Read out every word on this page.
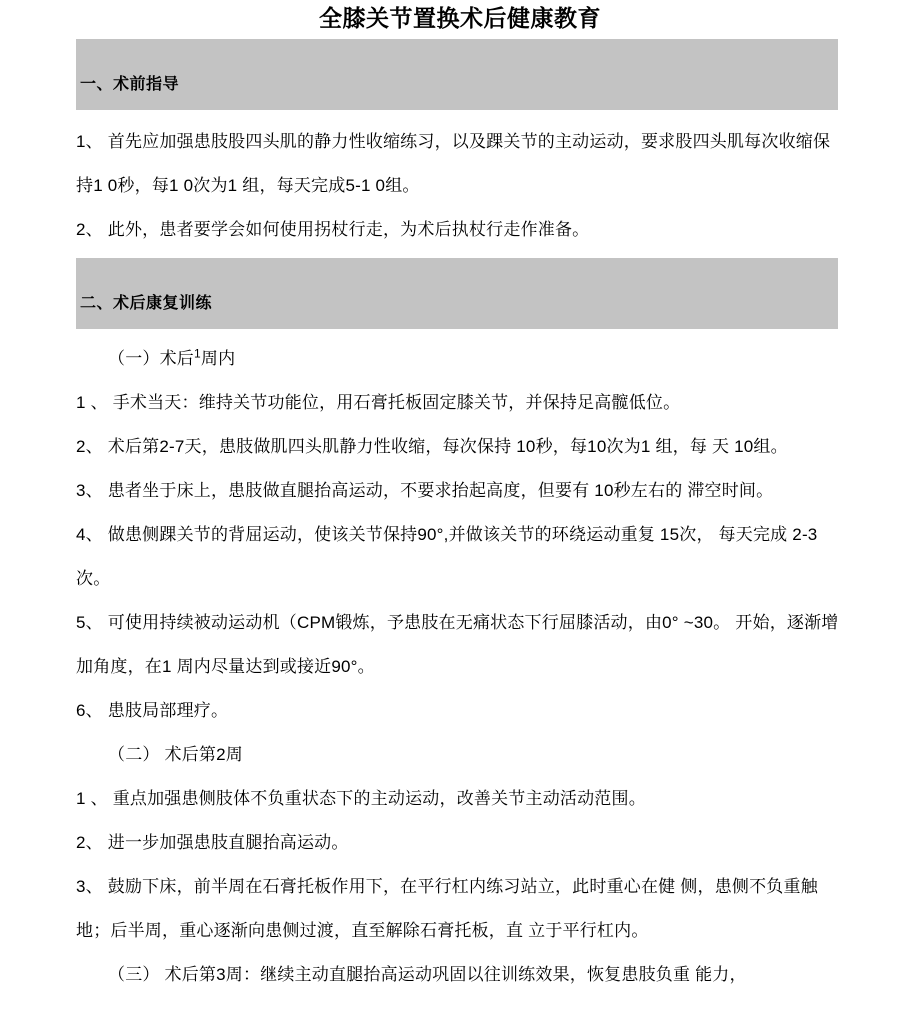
全膝关节置换术后健康教育
一、术前指导

1、 首先应加强患肢股四头肌的静力性收缩练习，以及踝关节的主动运动，要求股四头肌每次收缩保持1 0秒，每1 0次为1 组，每天完成5-1 0组。

2、 此外，患者要学会如何使用拐杖行走，为术后执杖行走作准备。

二、术后康复训练

（一）术后$^1$周内

1 、 手术当天：维持关节功能位，用石膏托板固定膝关节，并保持足高髋低位。

2、 术后第2-7天，患肢做肌四头肌静力性收缩，每次保持 10秒，每10次为1 组，每 天 10组。

3、 患者坐于床上，患肢做直腿抬高运动，不要求抬起高度，但要有 10秒左右的 滞空时间。

4、 做患侧踝关节的背屈运动，使该关节保持90°,并做该关节的环绕运动重复 15次， 每天完成 2-3次。

5、 可使用持续被动运动机（CPM锻炼，予患肢在无痛状态下行屈膝活动，由0° ~30。 开始，逐渐增加角度，在1 周内尽量达到或接近90°。

6、 患肢局部理疗。

（二） 术后第2周

1 、 重点加强患侧肢体不负重状态下的主动运动，改善关节主动活动范围。

2、 进一步加强患肢直腿抬高运动。

3、 鼓励下床，前半周在石膏托板作用下，在平行杠内练习站立，此时重心在健 侧，患侧不负重触地；后半周，重心逐渐向患侧过渡，直至解除石膏托板，直 立于平行杠内。

（三） 术后第3周：继续主动直腿抬高运动巩固以往训练效果，恢复患肢负重 能力，
